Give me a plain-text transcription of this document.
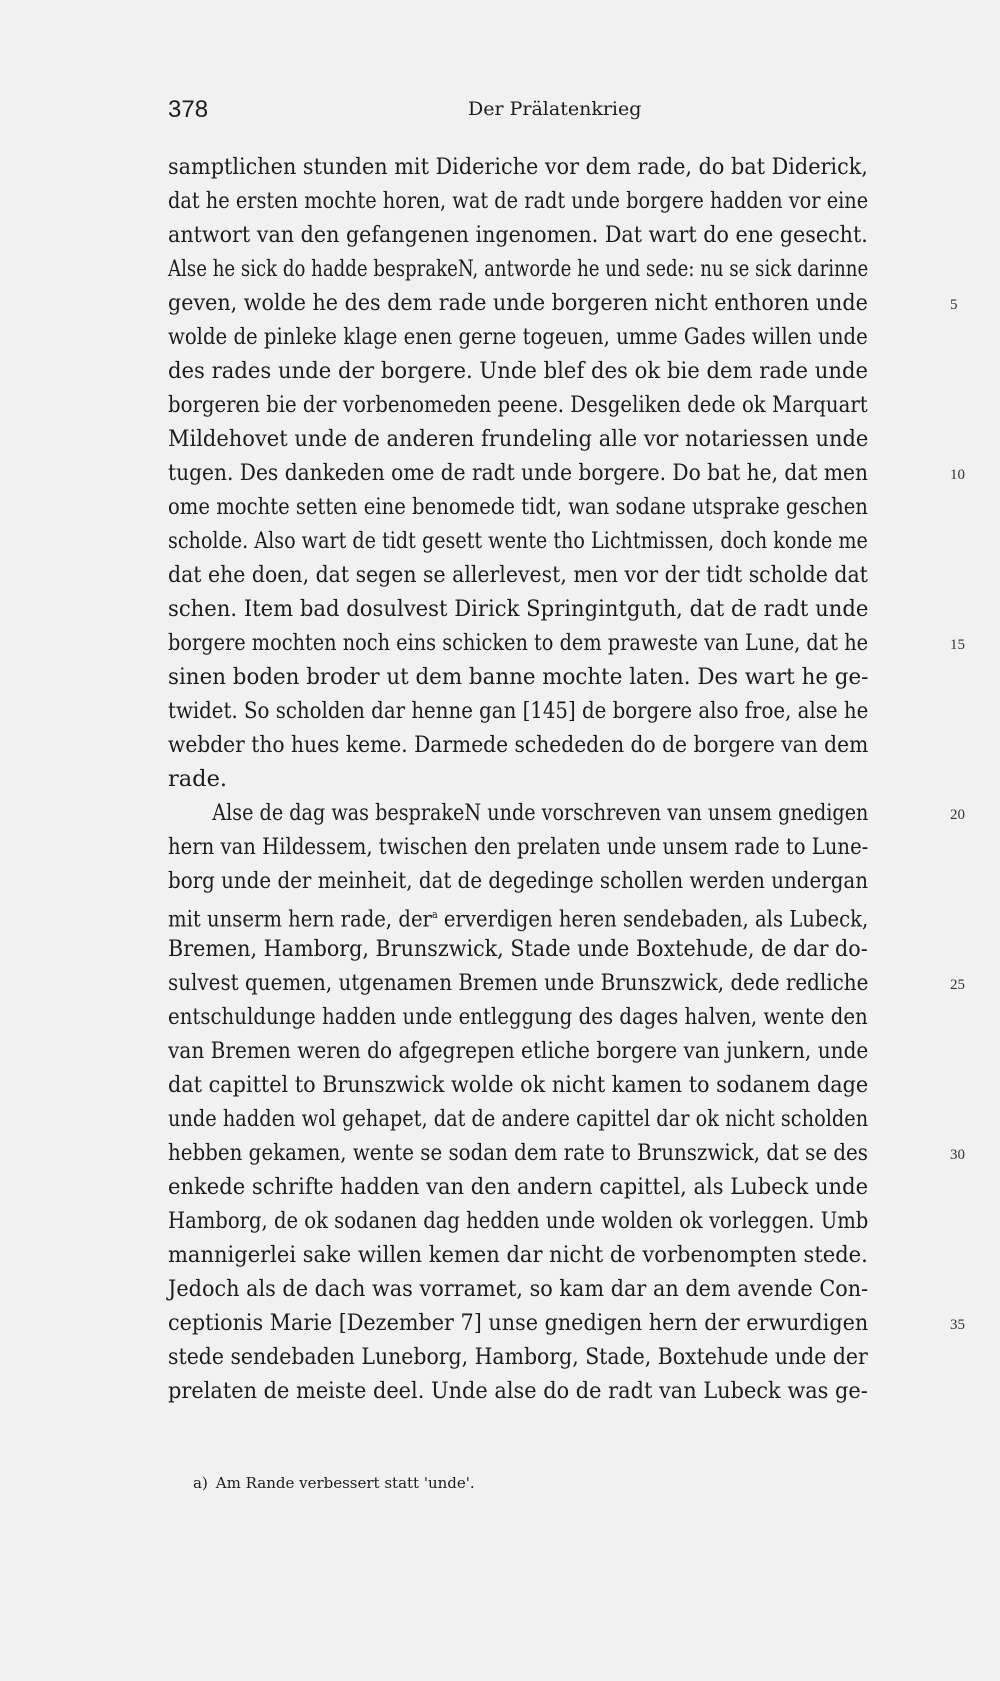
378	Der Prälatenkrieg
samptlichen stunden mit Dideriche vor dem rade, do bat Diderick,
dat he ersten mochte horen, wat de radt unde borgere hadden vor eine
antwort van den gefangenen ingenomen. Dat wart do ene gesecht.
Alse he sick do hadde besprakeN, antworde he und sede: nu se sick darinne
geven, wolde he des dem rade unde borgeren nicht enthoren unde	5
wolde de pinleke klage enen gerne togeuen, umme Gades willen unde
des rades unde der borgere. Unde blef des ok bie dem rade unde
borgeren bie der vorbenomeden peene. Desgeliken dede ok Marquart
Mildehovet unde de anderen frundeling alle vor notariessen unde
tugen. Des dankeden ome de radt unde borgere. Do bat he, dat men	10
ome mochte setten eine benomede tidt, wan sodane utsprake geschen
scholde. Also wart de tidt gesett wente tho Lichtmissen, doch konde me
dat ehe doen, dat segen se allerlevest, men vor der tidt scholde dat
schen. Item bad dosulvest Dirick Springintguth, dat de radt unde
borgere mochten noch eins schicken to dem praweste van Lune, dat he	15
sinen boden broder ut dem banne mochte laten. Des wart he ge-
twidet. So scholden dar henne gan [145] de borgere also froe, alse he
webder tho hues keme. Darmede schededen do de borgere van dem
rade.
Alse de dag was besprakeN unde vorschreven van unsem gnedigen	20
hern van Hildessem, twischen den prelaten unde unsem rade to Lune-
borg unde der meinheit, dat de degedinge schollen werden undergan
mit unserm hern rade, der$^a$ erverdigen heren sendebaden, als Lubeck,
Bremen, Hamborg, Brunszwick, Stade unde Boxtehude, de dar do-
sulvest quemen, utgenamen Bremen unde Brunszwick, dede redliche	25
entschuldunge hadden unde entleggung des dages halven, wente den
van Bremen weren do afgegrepen etliche borgere van junkern, unde
dat capittel to Brunszwick wolde ok nicht kamen to sodanem dage
unde hadden wol gehapet, dat de andere capittel dar ok nicht scholden
hebben gekamen, wente se sodan dem rate to Brunszwick, dat se des	30
enkede schrifte hadden van den andern capittel, als Lubeck unde
Hamborg, de ok sodanen dag hedden unde wolden ok vorleggen. Umb
mannigerlei sake willen kemen dar nicht de vorbenompten stede.
Jedoch als de dach was vorramet, so kam dar an dem avende Con-
ceptionis Marie [Dezember 7] unse gnedigen hern der erwurdigen	35
stede sendebaden Luneborg, Hamborg, Stade, Boxtehude unde der
prelaten de meiste deel. Unde alse do de radt van Lubeck was ge-
a) Am Rande verbessert statt 'unde'.
